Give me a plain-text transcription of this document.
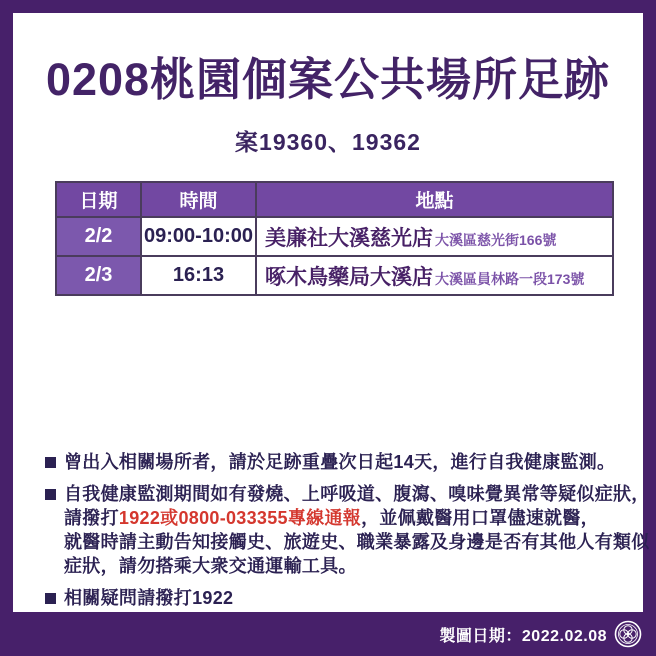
0208桃園個案公共場所足跡
案19360、19362
日期	時間	地點
2/2	09:00-10:00	美廉社大溪慈光店 大溪區慈光街166號
2/3	16:13	啄木鳥藥局大溪店 大溪區員林路一段173號
曾出入相關場所者，請於足跡重疊次日起14天，進行自我健康監測。
自我健康監測期間如有發燒、上呼吸道、腹瀉、嗅味覺異常等疑似症狀，
請撥打1922或0800-033355專線通報，並佩戴醫用口罩儘速就醫，
就醫時請主動告知接觸史、旅遊史、職業暴露及身邊是否有其他人有類似
症狀，請勿搭乘大衆交通運輸工具。
相關疑問請撥打1922
製圖日期：2022.02.08
